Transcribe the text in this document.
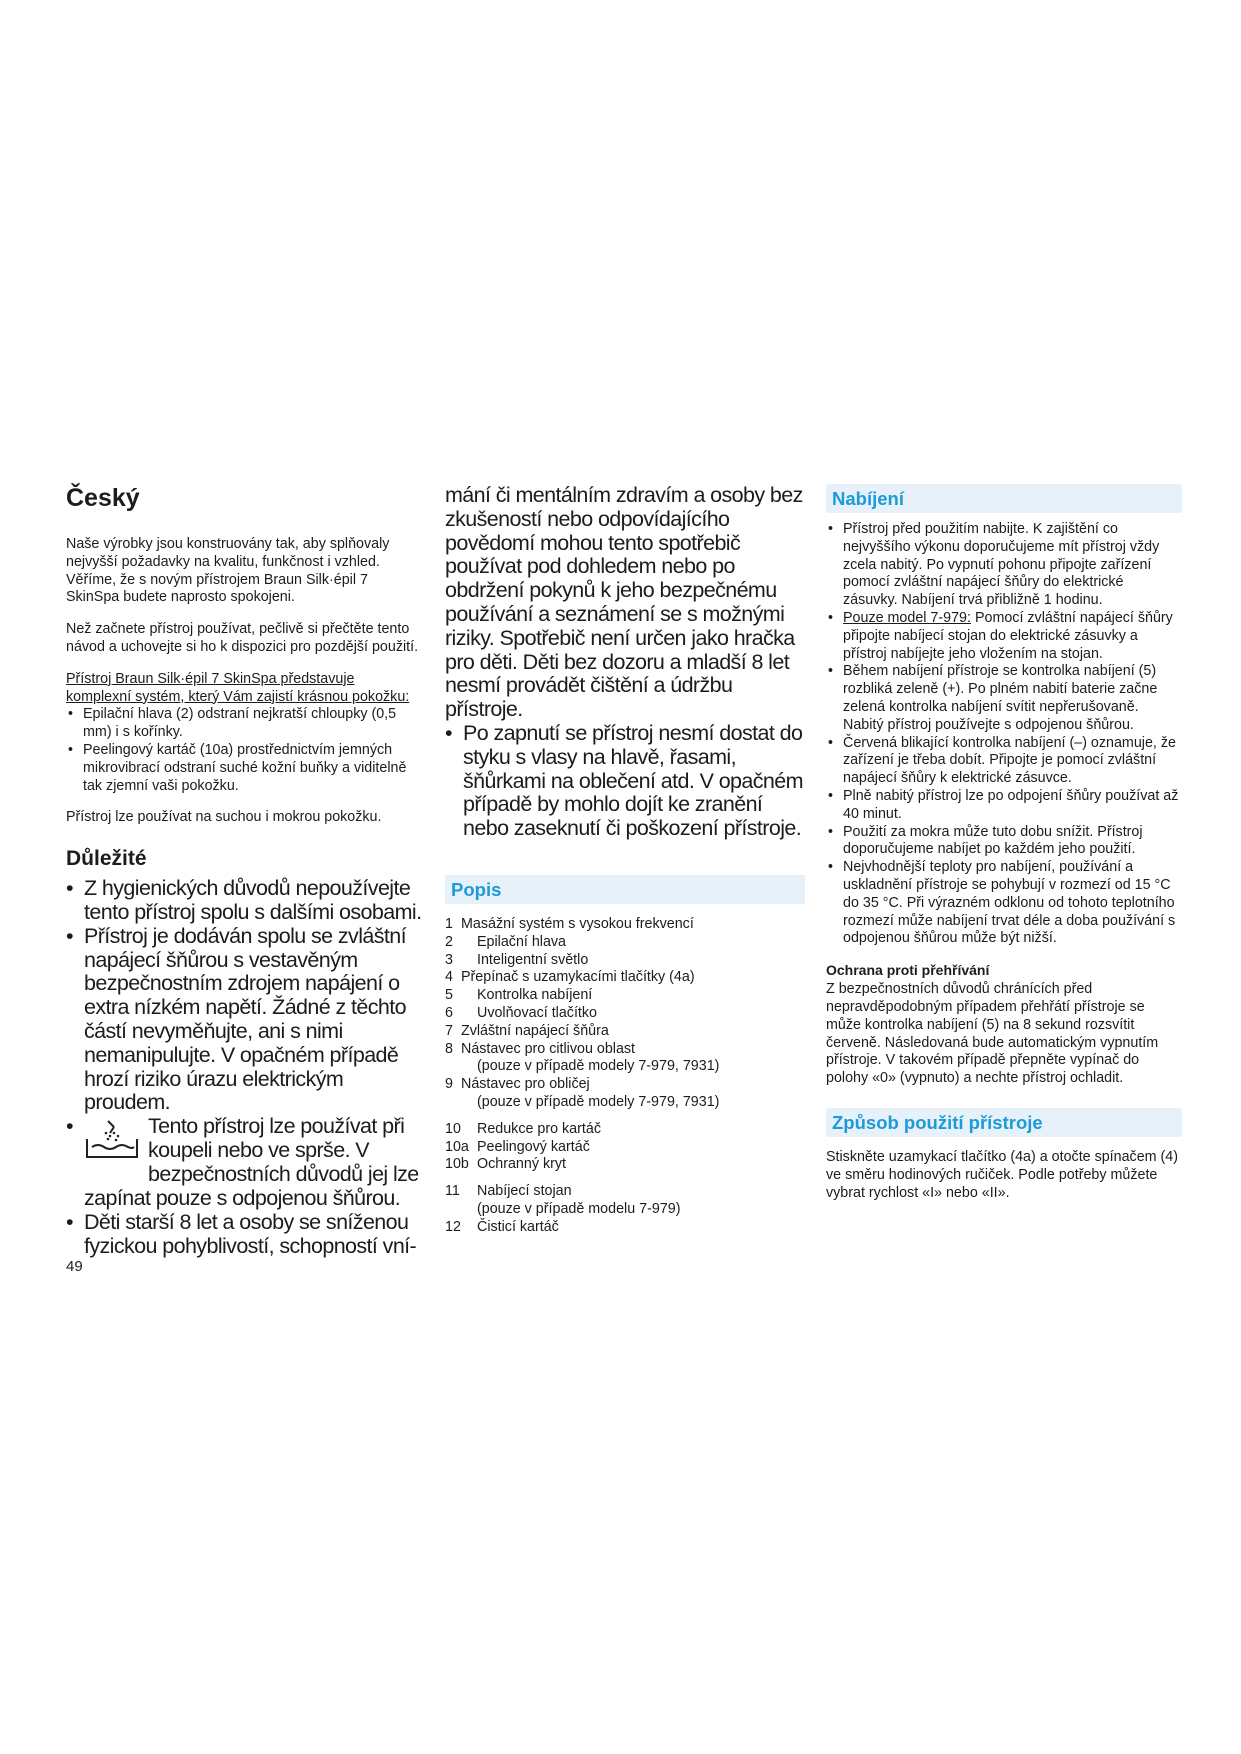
Český

Naše výrobky jsou konstruovány tak, aby splňovaly nejvyšší požadavky na kvalitu, funkčnost i vzhled. Věříme, že s novým přístrojem Braun Silk·épil 7 SkinSpa budete naprosto spokojeni.

Než začnete přístroj používat, pečlivě si přečtěte tento návod a uchovejte si ho k dispozici pro pozdější použití.

Přístroj Braun Silk·épil 7 SkinSpa představuje komplexní systém, který Vám zajistí krásnou pokožku:

• Epilační hlava (2) odstraní nejkratší chloupky (0,5 mm) i s kořínky.
• Peelingový kartáč (10a) prostřednictvím jemných mikrovibrací odstraní suché kožní buňky a viditelně tak zjemní vaši pokožku.

Přístroj lze používat na suchou i mokrou pokožku.

Důležité
• Z hygienických důvodů nepoužívejte tento přístroj spolu s dalšími osobami.
• Přístroj je dodáván spolu se zvláštní napájecí šňůrou s vestavěným bezpečnostním zdrojem napájení o extra nízkém napětí. Žádné z těchto částí nevyměňujte, ani s nimi nemanipulujte. V opačném případě hrozí riziko úrazu elektrickým proudem.
• Tento přístroj lze používat při koupeli nebo ve sprše. V bezpečnostních důvodů jej lze zapínat pouze s odpojenou šňůrou.
• Děti starší 8 let a osoby se sníženou fyzickou pohyblivostí, schopností vní-
mání či mentálním zdravím a osoby bez zkušeností nebo odpovídajícího povědomí mohou tento spotřebič používat pod dohledem nebo po obdržení pokynů k jeho bezpečnému používání a seznámení se s možnými riziky. Spotřebič není určen jako hračka pro děti. Děti bez dozoru a mladší 8 let nesmí provádět čištění a údržbu přístroje.
• Po zapnutí se přístroj nesmí dostat do styku s vlasy na hlavě, řasami, šňůrkami na oblečení atd. V opačném případě by mohlo dojít ke zranění nebo zaseknutí či poškození přístroje.
Popis
1 Masážní systém s vysokou frekvencí
2	Epilační hlava
3	Inteligentní světlo
4 Přepínač s uzamykacími tlačítky (4a)
5	Kontrolka nabíjení
6	Uvolňovací tlačítko
7 Zvláštní napájecí šňůra
8 Nástavec pro citlivou oblast
(pouze v případě modely 7-979, 7931)
9 Nástavec pro obličej
(pouze v případě modely 7-979, 7931)
10	Redukce pro kartáč
10a Peelingový kartáč
10b Ochranný kryt
11	Nabíjecí stojan
(pouze v případě modelu 7-979)
12	Čisticí kartáč
Nabíjení
• Přístroj před použitím nabijte. K zajištění co nejvyššího výkonu doporučujeme mít přístroj vždy zcela nabitý. Po vypnutí pohonu připojte zařízení pomocí zvláštní napájecí šňůry do elektrické zásuvky. Nabíjení trvá přibližně 1 hodinu.
• Pouze model 7-979: Pomocí zvláštní napájecí šňůry připojte nabíjecí stojan do elektrické zásuvky a přístroj nabíjejte jeho vložením na stojan.
• Během nabíjení přístroje se kontrolka nabíjení (5) rozbliká zeleně (+). Po plném nabití baterie začne zelená kontrolka nabíjení svítit nepřerušovaně. Nabitý přístroj používejte s odpojenou šňůrou.
• Červená blikající kontrolka nabíjení (–) oznamuje, že zařízení je třeba dobít. Připojte je pomocí zvláštní napájecí šňůry k elektrické zásuvce.
• Plně nabitý přístroj lze po odpojení šňůry používat až 40 minut.
• Použití za mokra může tuto dobu snížit. Přístroj doporučujeme nabíjet po každém jeho použití.
• Nejvhodnější teploty pro nabíjení, používání a uskladnění přístroje se pohybují v rozmezí od 15 °C do 35 °C. Při výrazném odklonu od tohoto teplotního rozmezí může nabíjení trvat déle a doba používání s odpojenou šňůrou může být nižší.
Ochrana proti přehřívání

Z bezpečnostních důvodů chránících před nepravděpodobným případem přehřátí přístroje se může kontrolka nabíjení (5) na 8 sekund rozsvítit červeně. Následovaná bude automatickým vypnutím přístroje. V takovém případě přepněte vypínač do polohy «0» (vypnuto) a nechte přístroj ochladit.

Způsob použití přístroje

Stiskněte uzamykací tlačítko (4a) a otočte spínačem (4) ve směru hodinových ručiček. Podle potřeby můžete vybrat rychlost «I» nebo «II».

49
